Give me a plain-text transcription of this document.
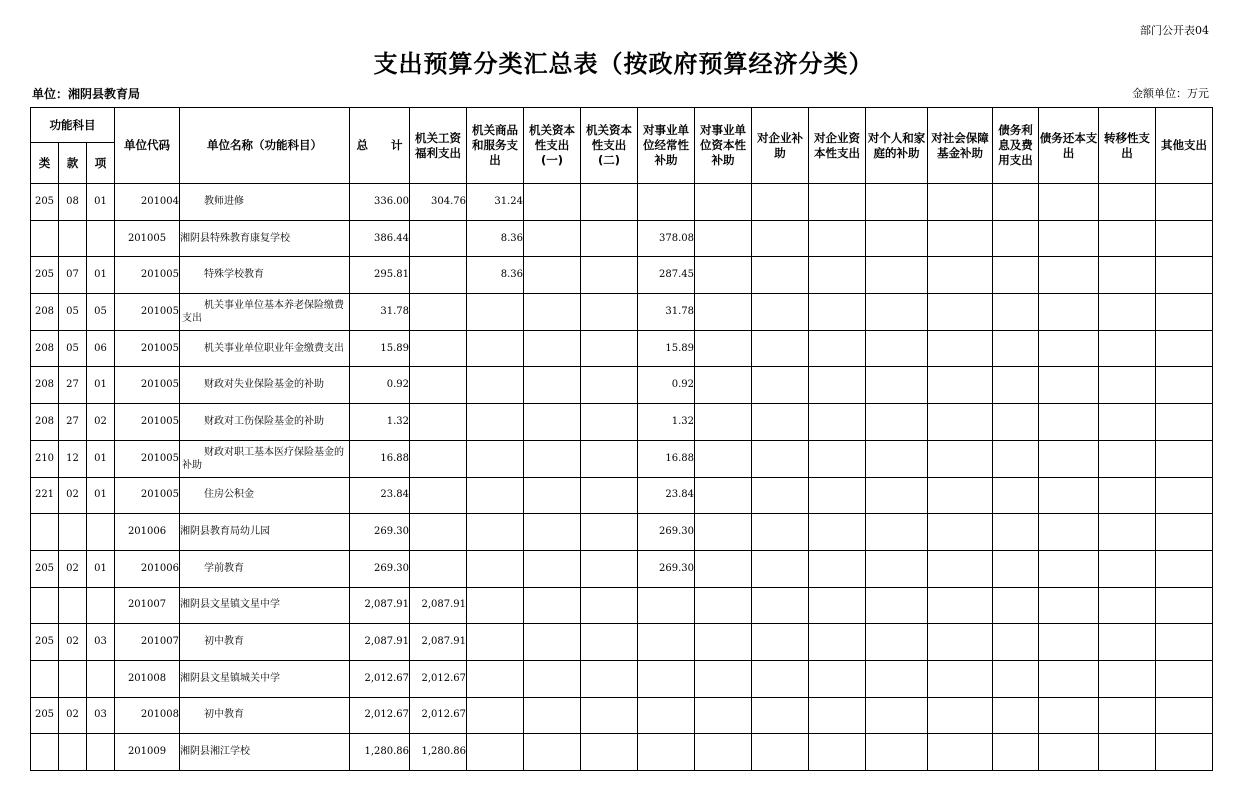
部门公开表04
支出预算分类汇总表（按政府预算经济分类）
单位：湘阴县教育局	金额单位：万元
功能科目			单位代码	单位名称（功能科目）	总　　计	机关工资福利支出	机关商品和服务支出	机关资本性支出(一)	机关资本性支出(二)	对事业单位经常性补助	对事业单位资本性补助	对企业补助	对企业资本性支出	对个人和家庭的补助	对社会保障基金补助	债务利息及费用支出	债务还本支出	转移性支出	其他支出
类	款	项																	
205	08	01	201004	教师进修	336.00	304.76	31.24												
			201005	湘阴县特殊教育康复学校	386.44		8.36			378.08									
205	07	01	201005	特殊学校教育	295.81		8.36			287.45									
208	05	05	201005	机关事业单位基本养老保险缴费支出	31.78					31.78									
208	05	06	201005	机关事业单位职业年金缴费支出	15.89					15.89									
208	27	01	201005	财政对失业保险基金的补助	0.92					0.92									
208	27	02	201005	财政对工伤保险基金的补助	1.32					1.32									
210	12	01	201005	财政对职工基本医疗保险基金的补助	16.88					16.88									
221	02	01	201005	住房公积金	23.84					23.84									
			201006	湘阴县教育局幼儿园	269.30					269.30									
205	02	01	201006	学前教育	269.30					269.30									
			201007	湘阴县文星镇文星中学	2,087.91	2,087.91													
205	02	03	201007	初中教育	2,087.91	2,087.91													
			201008	湘阴县文星镇城关中学	2,012.67	2,012.67													
205	02	03	201008	初中教育	2,012.67	2,012.67													
			201009	湘阴县湘江学校	1,280.86	1,280.86													
